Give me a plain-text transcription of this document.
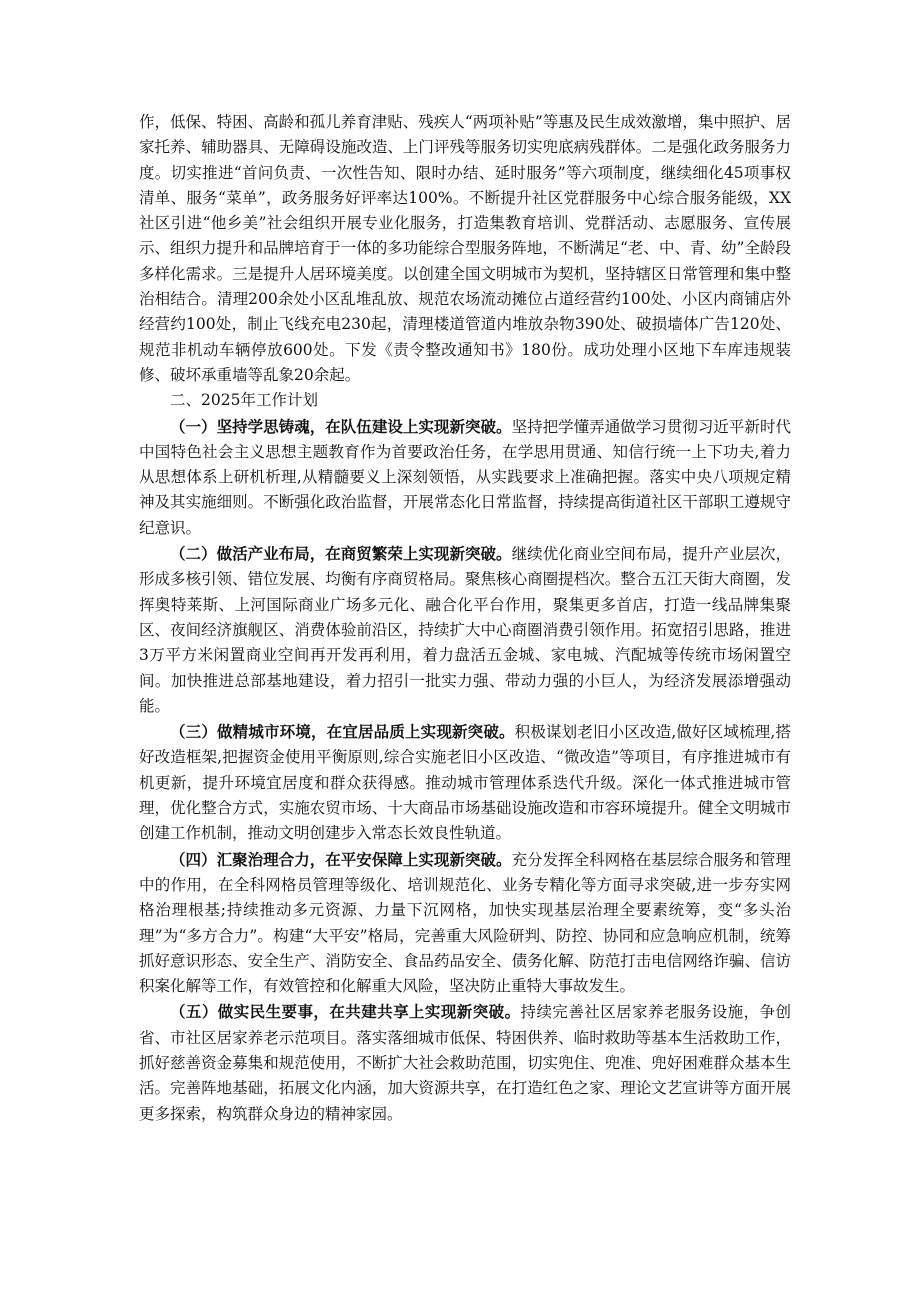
作，低保、特困、高龄和孤儿养育津贴、残疾人“两项补贴”等惠及民生成效激增，集中照护、居家托养、辅助器具、无障碍设施改造、上门评残等服务切实兜底病残群体。二是强化政务服务力度。切实推进“首问负责、一次性告知、限时办结、延时服务”等六项制度，继续细化45项事权清单、服务“菜单”，政务服务好评率达100%。不断提升社区党群服务中心综合服务能级，XX社区引进“他乡美”社会组织开展专业化服务，打造集教育培训、党群活动、志愿服务、宣传展示、组织力提升和品牌培育于一体的多功能综合型服务阵地，不断满足“老、中、青、幼”全龄段多样化需求。三是提升人居环境美度。以创建全国文明城市为契机，坚持辖区日常管理和集中整治相结合。清理200余处小区乱堆乱放、规范农场流动摊位占道经营约100处、小区内商铺店外经营约100处，制止飞线充电230起，清理楼道管道内堆放杂物390处、破损墙体广告120处、规范非机动车辆停放600处。下发《责令整改通知书》180份。成功处理小区地下车库违规装修、破坏承重墙等乱象20余起。

二、2025年工作计划

（一）坚持学思铸魂，在队伍建设上实现新突破。坚持把学懂弄通做学习贯彻习近平新时代中国特色社会主义思想主题教育作为首要政治任务，在学思用贯通、知信行统一上下功夫,着力从思想体系上研机析理,从精髓要义上深刻领悟，从实践要求上准确把握。落实中央八项规定精神及其实施细则。不断强化政治监督，开展常态化日常监督，持续提高街道社区干部职工遵规守纪意识。

（二）做活产业布局，在商贸繁荣上实现新突破。继续优化商业空间布局，提升产业层次，形成多核引领、错位发展、均衡有序商贸格局。聚焦核心商圈提档次。整合五江天街大商圈，发挥奥特莱斯、上河国际商业广场多元化、融合化平台作用，聚集更多首店，打造一线品牌集聚区、夜间经济旗舰区、消费体验前沿区，持续扩大中心商圈消费引领作用。拓宽招引思路，推进3万平方米闲置商业空间再开发再利用，着力盘活五金城、家电城、汽配城等传统市场闲置空间。加快推进总部基地建设，着力招引一批实力强、带动力强的小巨人，为经济发展添增强动能。

（三）做精城市环境，在宜居品质上实现新突破。积极谋划老旧小区改造,做好区域梳理,搭好改造框架,把握资金使用平衡原则,综合实施老旧小区改造、“微改造”等项目，有序推进城市有机更新，提升环境宜居度和群众获得感。推动城市管理体系迭代升级。深化一体式推进城市管理，优化整合方式，实施农贸市场、十大商品市场基础设施改造和市容环境提升。健全文明城市创建工作机制，推动文明创建步入常态长效良性轨道。

（四）汇聚治理合力，在平安保障上实现新突破。充分发挥全科网格在基层综合服务和管理中的作用，在全科网格员管理等级化、培训规范化、业务专精化等方面寻求突破,进一步夯实网格治理根基;持续推动多元资源、力量下沉网格，加快实现基层治理全要素统筹，变“多头治理”为“多方合力”。构建“大平安”格局，完善重大风险研判、防控、协同和应急响应机制，统筹抓好意识形态、安全生产、消防安全、食品药品安全、债务化解、防范打击电信网络诈骗、信访积案化解等工作，有效管控和化解重大风险，坚决防止重特大事故发生。

（五）做实民生要事，在共建共享上实现新突破。持续完善社区居家养老服务设施，争创省、市社区居家养老示范项目。落实落细城市低保、特困供养、临时救助等基本生活救助工作，抓好慈善资金募集和规范使用，不断扩大社会救助范围，切实兜住、兜准、兜好困难群众基本生活。完善阵地基础，拓展文化内涵，加大资源共享，在打造红色之家、理论文艺宣讲等方面开展更多探索，构筑群众身边的精神家园。
